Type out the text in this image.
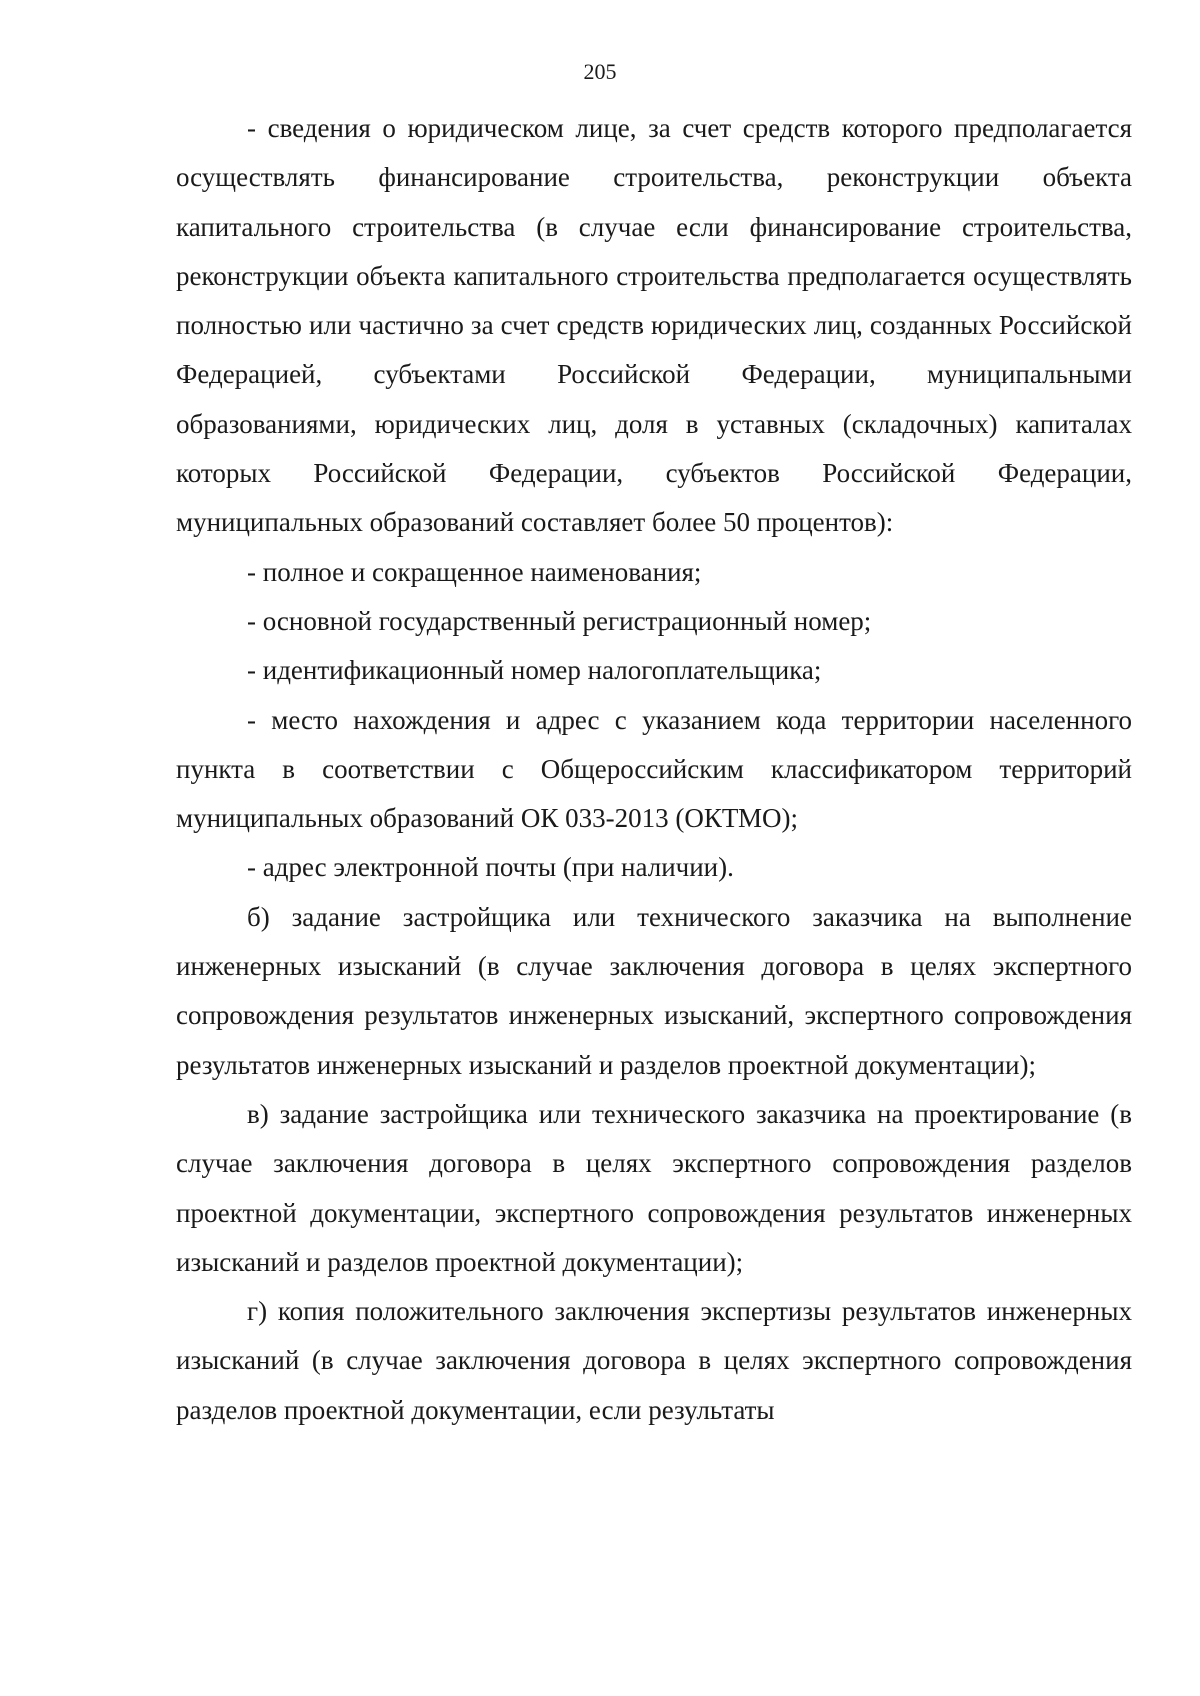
205

- сведения о юридическом лице, за счет средств которого предполагается осуществлять финансирование строительства, реконструкции объекта капитального строительства (в случае если финансирование строительства, реконструкции объекта капитального строительства предполагается осуществлять полностью или частично за счет средств юридических лиц, созданных Российской Федерацией, субъектами Российской Федерации, муниципальными образованиями, юридических лиц, доля в уставных (складочных) капиталах которых Российской Федерации, субъектов Российской Федерации, муниципальных образований составляет более 50 процентов):

- полное и сокращенное наименования;

- основной государственный регистрационный номер;

- идентификационный номер налогоплательщика;

- место нахождения и адрес с указанием кода территории населенного пункта в соответствии с Общероссийским классификатором территорий муниципальных образований ОК 033-2013 (ОКТМО);

- адрес электронной почты (при наличии).

б) задание застройщика или технического заказчика на выполнение инженерных изысканий (в случае заключения договора в целях экспертного сопровождения результатов инженерных изысканий, экспертного сопровождения результатов инженерных изысканий и разделов проектной документации);

в) задание застройщика или технического заказчика на проектирование (в случае заключения договора в целях экспертного сопровождения разделов проектной документации, экспертного сопровождения результатов инженерных изысканий и разделов проектной документации);

г) копия положительного заключения экспертизы результатов инженерных изысканий (в случае заключения договора в целях экспертного сопровождения разделов проектной документации, если результаты
